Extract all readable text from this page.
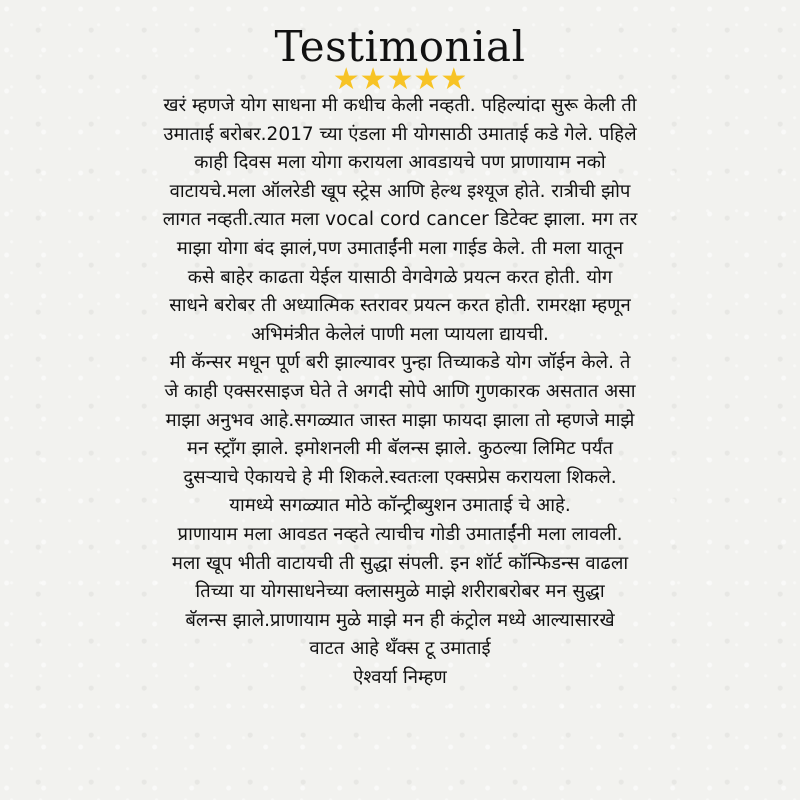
Testimonial
★★★★★
खरं म्हणजे योग साधना मी कधीच केली नव्हती. पहिल्यांदा सुरू केली ती
उमाताई बरोबर.2017 च्या एंडला मी योगसाठी उमाताई कडे गेले. पहिले
काही दिवस मला योगा करायला आवडायचे पण प्राणायाम नको
वाटायचे.मला ऑलरेडी खूप स्ट्रेस आणि हेल्थ इश्यूज होते. रात्रीची झोप
लागत नव्हती.त्यात मला vocal cord cancer डिटेक्ट झाला. मग तर
माझा योगा बंद झालं,पण उमाताईंनी मला गाईड केले. ती मला यातून
कसे बाहेर काढता येईल यासाठी वेगवेगळे प्रयत्न करत होती. योग
साधने बरोबर ती अध्यात्मिक स्तरावर प्रयत्न करत होती. रामरक्षा म्हणून
अभिमंत्रीत केलेलं पाणी मला प्यायला द्यायची.
मी कॅन्सर मधून पूर्ण बरी झाल्यावर पुन्हा तिच्याकडे योग जॉईन केले. ते
जे काही एक्सरसाइज घेते ते अगदी सोपे आणि गुणकारक असतात असा
माझा अनुभव आहे.सगळ्यात जास्त माझा फायदा झाला तो म्हणजे माझे
मन स्ट्रॉंग झाले. इमोशनली मी बॅलन्स झाले. कुठल्या लिमिट पर्यंत
दुसऱ्याचे ऐकायचे हे मी शिकले.स्वतःला एक्सप्रेस करायला शिकले.
यामध्ये सगळ्यात मोठे कॉन्ट्रीब्युशन उमाताई चे आहे.
प्राणायाम मला आवडत नव्हते त्याचीच गोडी उमाताईंनी मला लावली.
मला खूप भीती वाटायची ती सुद्धा संपली. इन शॉर्ट कॉन्फिडन्स वाढला
तिच्या या योगसाधनेच्या क्लासमुळे माझे शरीराबरोबर मन सुद्धा
बॅलन्स झाले.प्राणायाम मुळे माझे मन ही कंट्रोल मध्ये आल्यासारखे
वाटत आहे थँक्स टू उमाताई
ऐश्वर्या निम्हण
